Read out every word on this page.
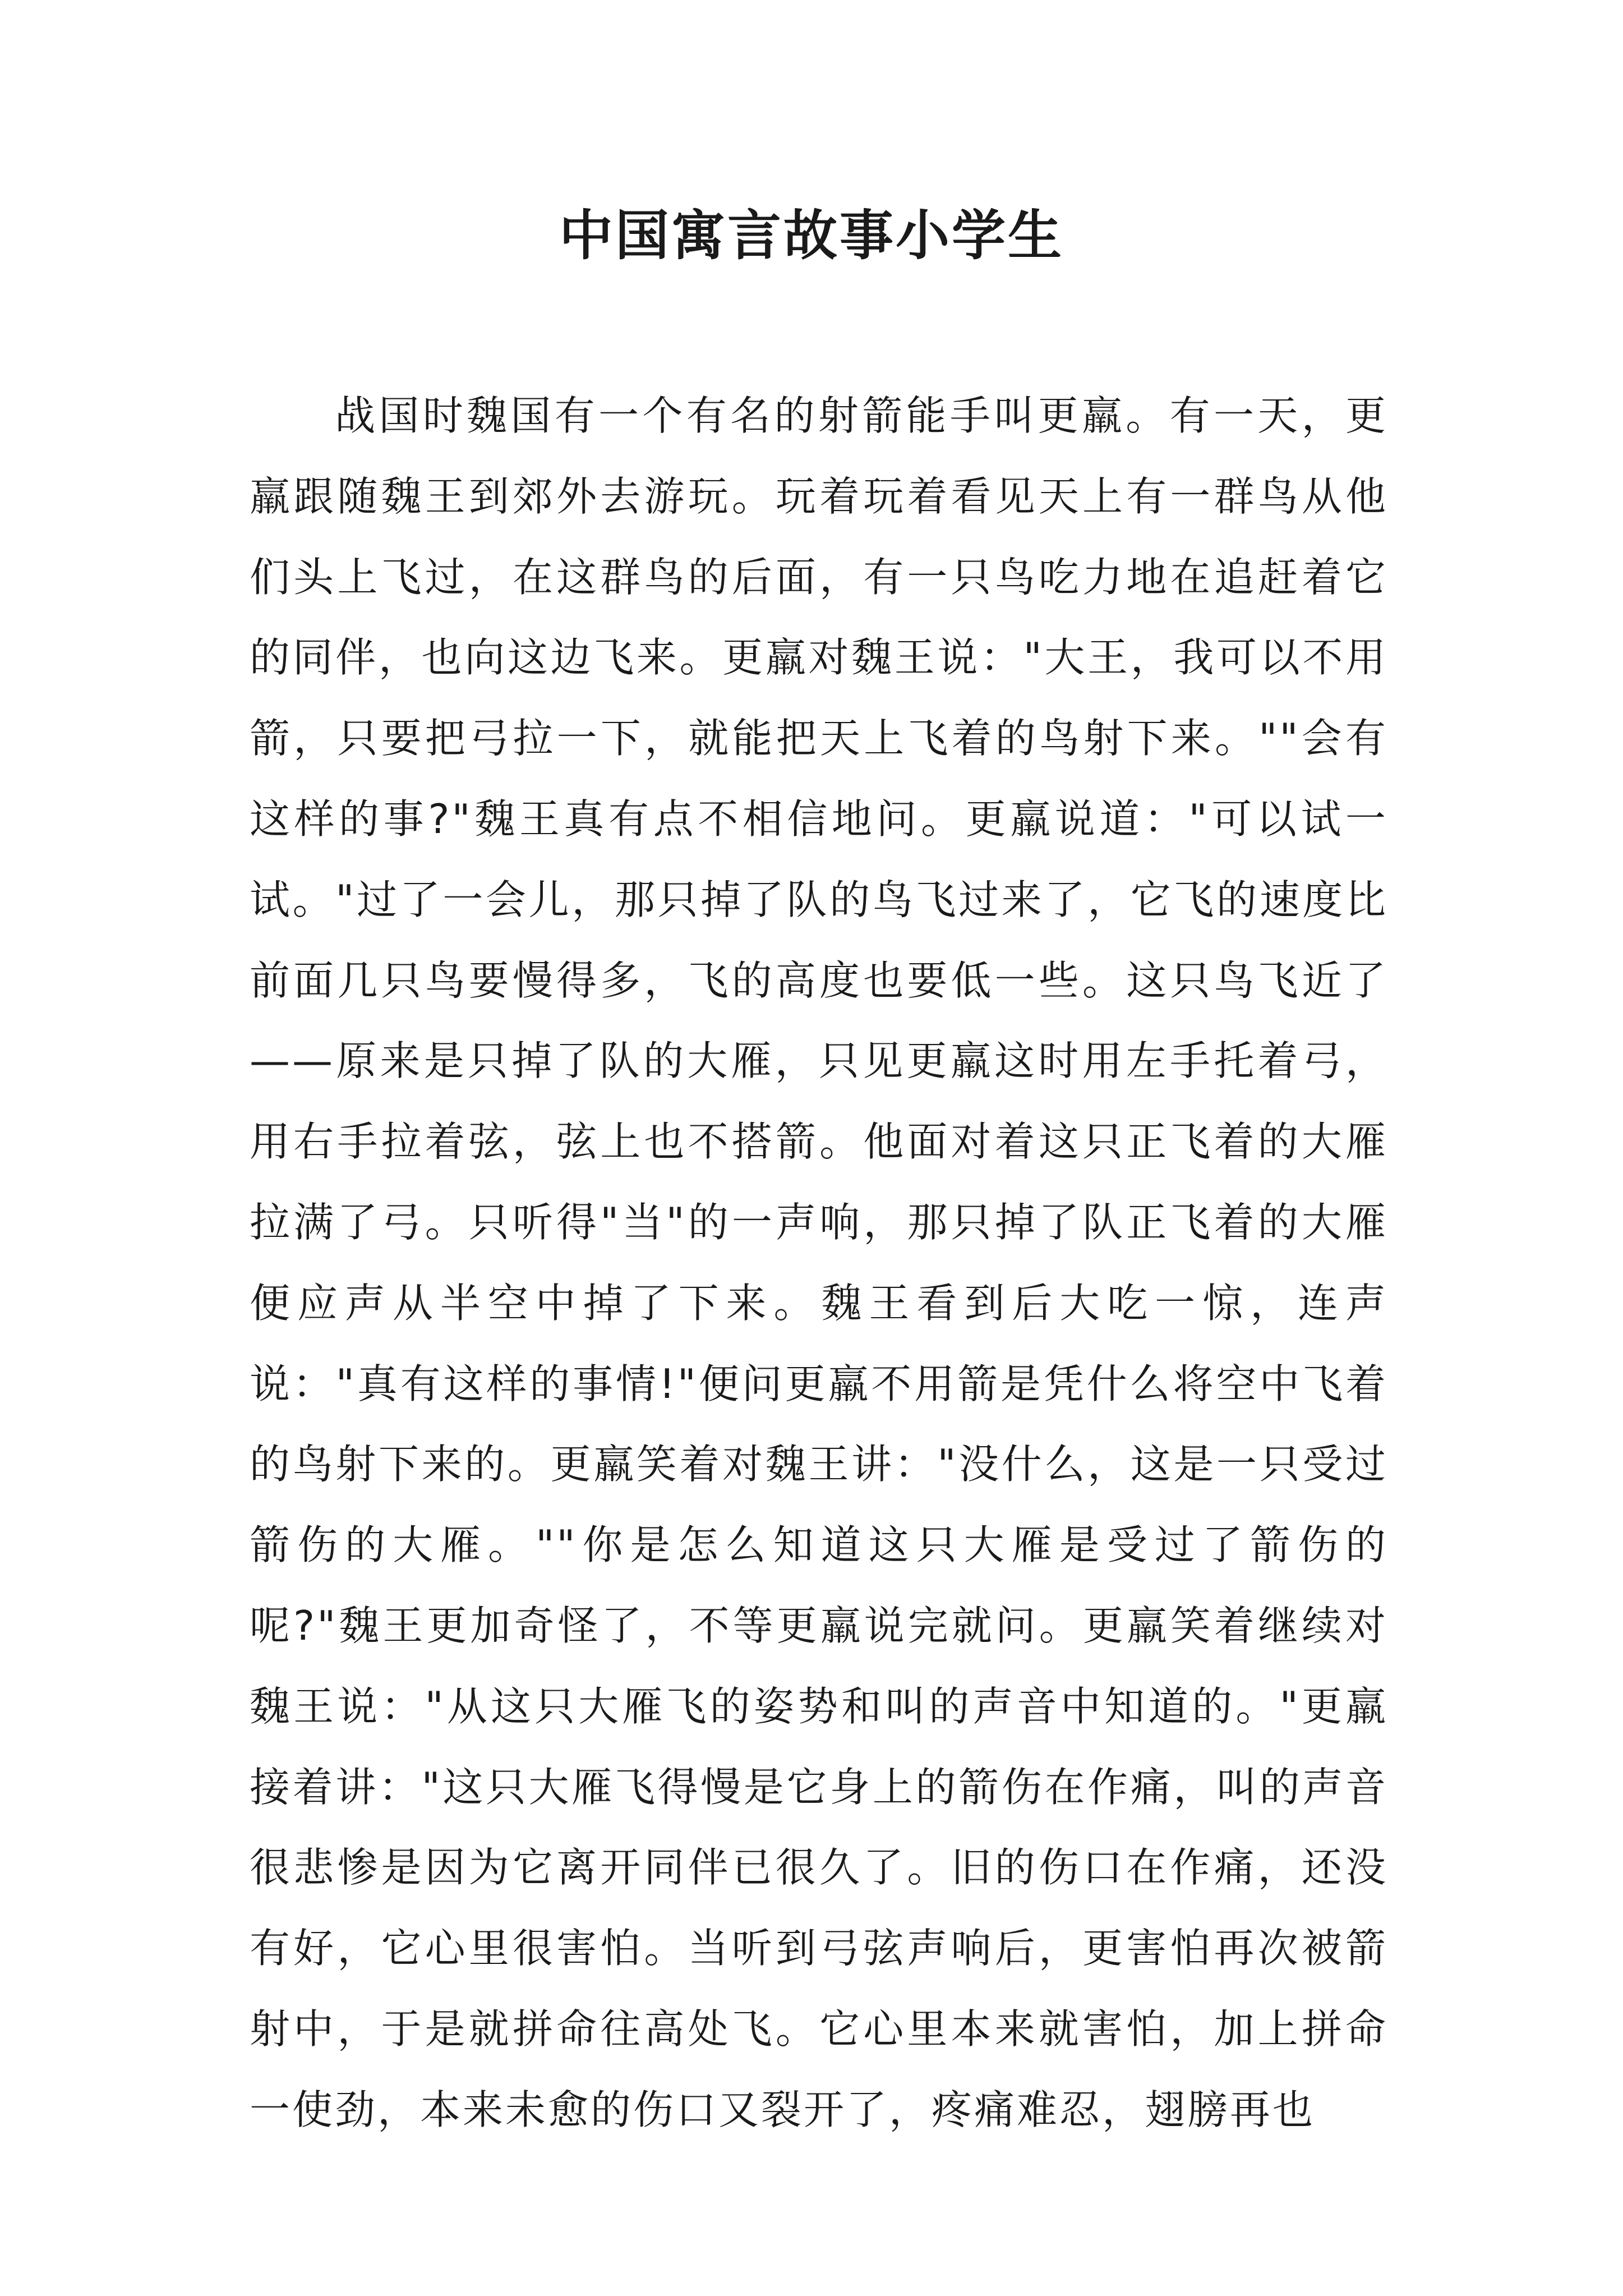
中国寓言故事小学生

战国时魏国有一个有名的射箭能手叫更羸。有一天，更羸跟随魏王到郊外去游玩。玩着玩着看见天上有一群鸟从他们头上飞过，在这群鸟的后面，有一只鸟吃力地在追赶着它的同伴，也向这边飞来。更羸对魏王说："大王，我可以不用箭，只要把弓拉一下，就能把天上飞着的鸟射下来。""会有这样的事?"魏王真有点不相信地问。更羸说道："可以试一试。"过了一会儿，那只掉了队的鸟飞过来了，它飞的速度比前面几只鸟要慢得多，飞的高度也要低一些。这只鸟飞近了——原来是只掉了队的大雁，只见更羸这时用左手托着弓，用右手拉着弦，弦上也不搭箭。他面对着这只正飞着的大雁拉满了弓。只听得"当"的一声响，那只掉了队正飞着的大雁便应声从半空中掉了下来。魏王看到后大吃一惊，连声说："真有这样的事情!"便问更羸不用箭是凭什么将空中飞着的鸟射下来的。更羸笑着对魏王讲："没什么，这是一只受过箭伤的大雁。""你是怎么知道这只大雁是受过了箭伤的呢?"魏王更加奇怪了，不等更羸说完就问。更羸笑着继续对魏王说："从这只大雁飞的姿势和叫的声音中知道的。"更羸接着讲："这只大雁飞得慢是它身上的箭伤在作痛，叫的声音很悲惨是因为它离开同伴已很久了。旧的伤口在作痛，还没有好，它心里很害怕。当听到弓弦声响后，更害怕再次被箭射中，于是就拼命往高处飞。它心里本来就害怕，加上拼命一使劲，本来未愈的伤口又裂开了，疼痛难忍，翅膀再也
